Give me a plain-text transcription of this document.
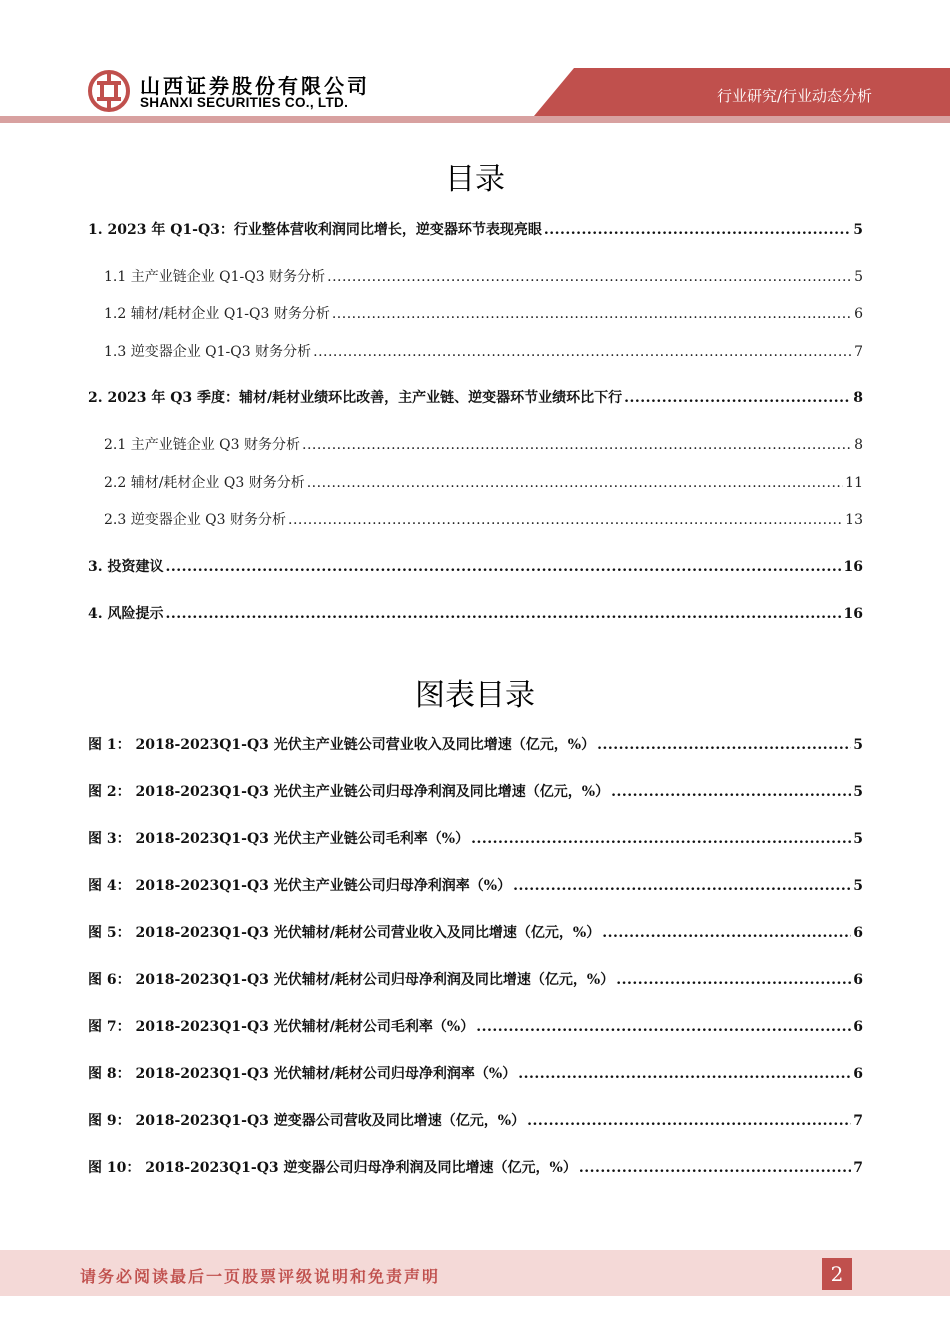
山西证券股份有限公司
SHANXI SECURITIES CO., LTD.	行业研究/行业动态分析
目录
1. 2023 年 Q1-Q3：行业整体营收利润同比增长，逆变器环节表现亮眼 .....	5
1.1 主产业链企业 Q1-Q3 财务分析 .....	5
1.2 辅材/耗材企业 Q1-Q3 财务分析 .....	6
1.3 逆变器企业 Q1-Q3 财务分析 .....	7
2. 2023 年 Q3 季度：辅材/耗材业绩环比改善，主产业链、逆变器环节业绩环比下行 .....	8
2.1 主产业链企业 Q3 财务分析 .....	8
2.2 辅材/耗材企业 Q3 财务分析 .....	11
2.3 逆变器企业 Q3 财务分析 .....	13
3. 投资建议 .....	16
4. 风险提示 .....	16
图表目录
图 1： 2018-2023Q1-Q3 光伏主产业链公司营业收入及同比增速（亿元，%） .....	5
图 2： 2018-2023Q1-Q3 光伏主产业链公司归母净利润及同比增速（亿元，%） .....	5
图 3： 2018-2023Q1-Q3 光伏主产业链公司毛利率（%） .....	5
图 4： 2018-2023Q1-Q3 光伏主产业链公司归母净利润率（%） .....	5
图 5： 2018-2023Q1-Q3 光伏辅材/耗材公司营业收入及同比增速（亿元，%） .....	6
图 6： 2018-2023Q1-Q3 光伏辅材/耗材公司归母净利润及同比增速（亿元，%） .....	6
图 7： 2018-2023Q1-Q3 光伏辅材/耗材公司毛利率（%） .....	6
图 8： 2018-2023Q1-Q3 光伏辅材/耗材公司归母净利润率（%） .....	6
图 9： 2018-2023Q1-Q3 逆变器公司营收及同比增速（亿元，%） .....	7
图 10： 2018-2023Q1-Q3 逆变器公司归母净利润及同比增速（亿元，%） .....	7
请务必阅读最后一页股票评级说明和免责声明	2
